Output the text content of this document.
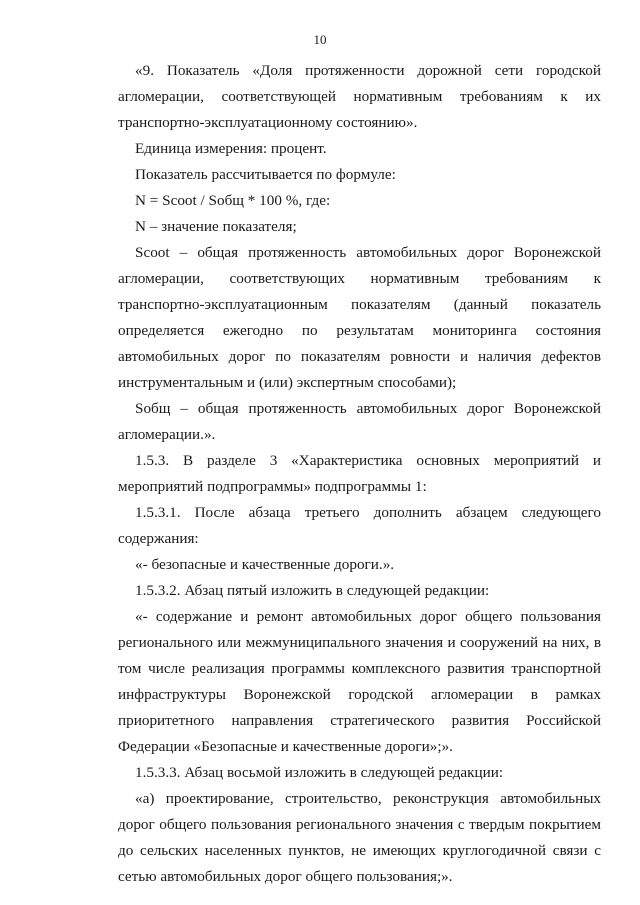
10

«9. Показатель «Доля протяженности дорожной сети городской агломерации, соответствующей нормативным требованиям к их транспортно-эксплуатационному состоянию».

Единица измерения: процент.

Показатель рассчитывается по формуле:

N = Scoot / Sобщ * 100 %, где:

N – значение показателя;

Scoot – общая протяженность автомобильных дорог Воронежской агломерации, соответствующих нормативным требованиям к транспортно-эксплуатационным показателям (данный показатель определяется ежегодно по результатам мониторинга состояния автомобильных дорог по показателям ровности и наличия дефектов инструментальным и (или) экспертным способами);

Sобщ – общая протяженность автомобильных дорог Воронежской агломерации.».

1.5.3. В разделе 3 «Характеристика основных мероприятий и мероприятий подпрограммы» подпрограммы 1:

1.5.3.1. После абзаца третьего дополнить абзацем следующего содержания:

«- безопасные и качественные дороги.».

1.5.3.2. Абзац пятый изложить в следующей редакции:

«- содержание и ремонт автомобильных дорог общего пользования регионального или межмуниципального значения и сооружений на них, в том числе реализация программы комплексного развития транспортной инфраструктуры Воронежской городской агломерации в рамках приоритетного направления стратегического развития Российской Федерации «Безопасные и качественные дороги»;».

1.5.3.3. Абзац восьмой изложить в следующей редакции:

«а) проектирование, строительство, реконструкция автомобильных дорог общего пользования регионального значения с твердым покрытием до сельских населенных пунктов, не имеющих круглогодичной связи с сетью автомобильных дорог общего пользования;».
